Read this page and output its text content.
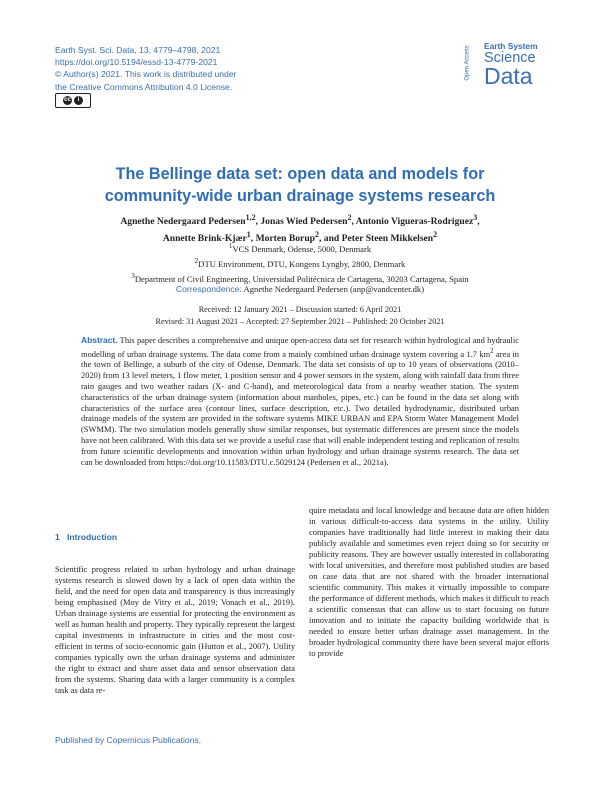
Earth Syst. Sci. Data, 13, 4779–4798, 2021
https://doi.org/10.5194/essd-13-4779-2021
© Author(s) 2021. This work is distributed under
the Creative Commons Attribution 4.0 License.
cc	i
Open Access Earth System
Science
Data
The Bellinge data set: open data and models for
community-wide urban drainage systems research
Agnethe Nedergaard Pedersen$^{1,2}$, Jonas Wied Pedersen$^2$, Antonio Vigueras-Rodriguez$^3$,
Annette Brink-Kjær$^1$, Morten Borup$^2$, and Peter Steen Mikkelsen$^2$
$^1$VCS Denmark, Odense, 5000, Denmark
$^2$DTU Environment, DTU, Kongens Lyngby, 2800, Denmark
$^3$Department of Civil Engineering, Universidad Politécnica de Cartagena, 30203 Cartagena, Spain
Correspondence: Agnethe Nedergaard Pedersen (anp@vandcenter.dk)
Received: 12 January 2021 – Discussion started: 6 April 2021
Revised: 31 August 2021 – Accepted: 27 September 2021 – Published: 20 October 2021
Abstract. This paper describes a comprehensive and unique open-access data set for research within hydrological and hydraulic modelling of urban drainage systems. The data come from a mainly combined urban drainage system covering a 1.7 $km^2$ area in the town of Bellinge, a suburb of the city of Odense, Denmark. The data set consists of up to 10 years of observations (2010–2020) from 13 level meters, 1 flow meter, 1 position sensor and 4 power sensors in the system, along with rainfall data from three rain gauges and two weather radars (X- and C-band), and meteorological data from a nearby weather station. The system characteristics of the urban drainage system (information about manholes, pipes, etc.) can be found in the data set along with characteristics of the surface area (contour lines, surface description, etc.). Two detailed hydrodynamic, distributed urban drainage models of the system are provided in the software systems MIKE URBAN and EPA Storm Water Management Model (SWMM). The two simulation models generally show similar responses, but systematic differences are present since the models have not been calibrated. With this data set we provide a useful case that will enable independent testing and replication of results from future scientific developments and innovation within urban hydrology and urban drainage systems research. The data set can be downloaded from https://doi.org/10.11583/DTU.c.5029124 (Pedersen et al., 2021a).
1 Introduction
Scientific progress related to urban hydrology and urban drainage systems research is slowed down by a lack of open data within the field, and the need for open data and transparency is thus increasingly being emphasised (Moy de Vitry et al., 2019; Vonach et al., 2019). Urban drainage systems are essential for protecting the environment as well as human health and property. They typically represent the largest capital investments in infrastructure in cities and the most cost-efficient in terms of socio-economic gain (Hutton et al., 2007). Utility companies typically own the urban drainage systems and administer the right to extract and share asset data and sensor observation data from the systems. Sharing data with a larger community is a complex task as data re-
quire metadata and local knowledge and because data are often hidden in various difficult-to-access data systems in the utility. Utility companies have traditionally had little interest in making their data publicly available and sometimes even reject doing so for security or publicity reasons. They are however usually interested in collaborating with local universities, and therefore most published studies are based on case data that are not shared with the broader international scientific community. This makes it virtually impossible to compare the performance of different methods, which makes it difficult to reach a scientific consensus that can allow us to start focusing on future innovation and to initiate the capacity building worldwide that is needed to ensure better urban drainage asset management. In the broader hydrological community there have been several major efforts to provide
Published by Copernicus Publications.
